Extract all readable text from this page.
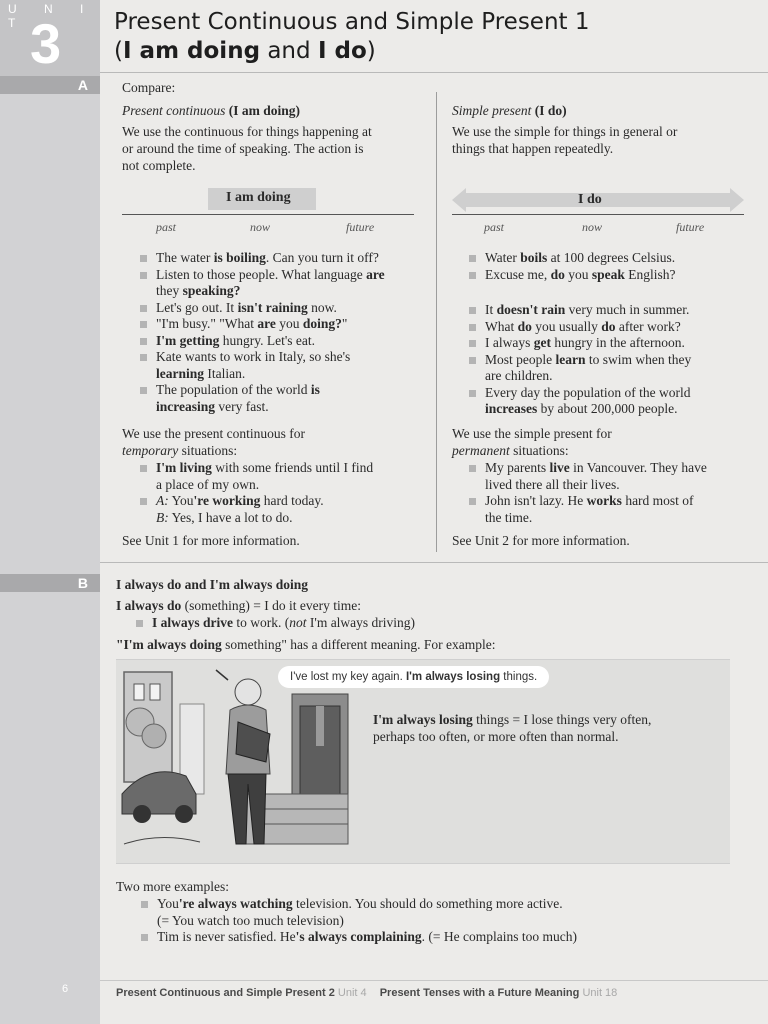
U N I T 3
A
B
6
Present Continuous and Simple Present 1
(I am doing and I do)
Compare:
Present continuous (I am doing)
We use the continuous for things happening at
or around the time of speaking. The action is
not complete.
I am doing
past	now	future
The water is boiling. Can you turn it off?
Listen to those people. What language are
they speaking?
Let's go out. It isn't raining now.
"I'm busy." "What are you doing?"
I'm getting hungry. Let's eat.
Kate wants to work in Italy, so she's
learning Italian.
The population of the world is
increasing very fast.
We use the present continuous for
temporary situations:
I'm living with some friends until I find
a place of my own.
A: You're working hard today.
B: Yes, I have a lot to do.
See Unit 1 for more information.
Simple present (I do)
We use the simple for things in general or
things that happen repeatedly.
I do
past	now	future
Water boils at 100 degrees Celsius.
Excuse me, do you speak English?
It doesn't rain very much in summer.
What do you usually do after work?
I always get hungry in the afternoon.
Most people learn to swim when they
are children.
Every day the population of the world
increases by about 200,000 people.
We use the simple present for
permanent situations:
My parents live in Vancouver. They have
lived there all their lives.
John isn't lazy. He works hard most of
the time.
See Unit 2 for more information.
I always do and I'm always doing
I always do (something) = I do it every time:
I always drive to work. (not I'm always driving)
"I'm always doing something" has a different meaning. For example:
I've lost my key again. I'm always losing things.
I'm always losing things = I lose things very often,
perhaps too often, or more often than normal.
Two more examples:
You're always watching television. You should do something more active.
(= You watch too much television)
Tim is never satisfied. He's always complaining. (= He complains too much)
Present Continuous and Simple Present 2 Unit 4 Present Tenses with a Future Meaning Unit 18
